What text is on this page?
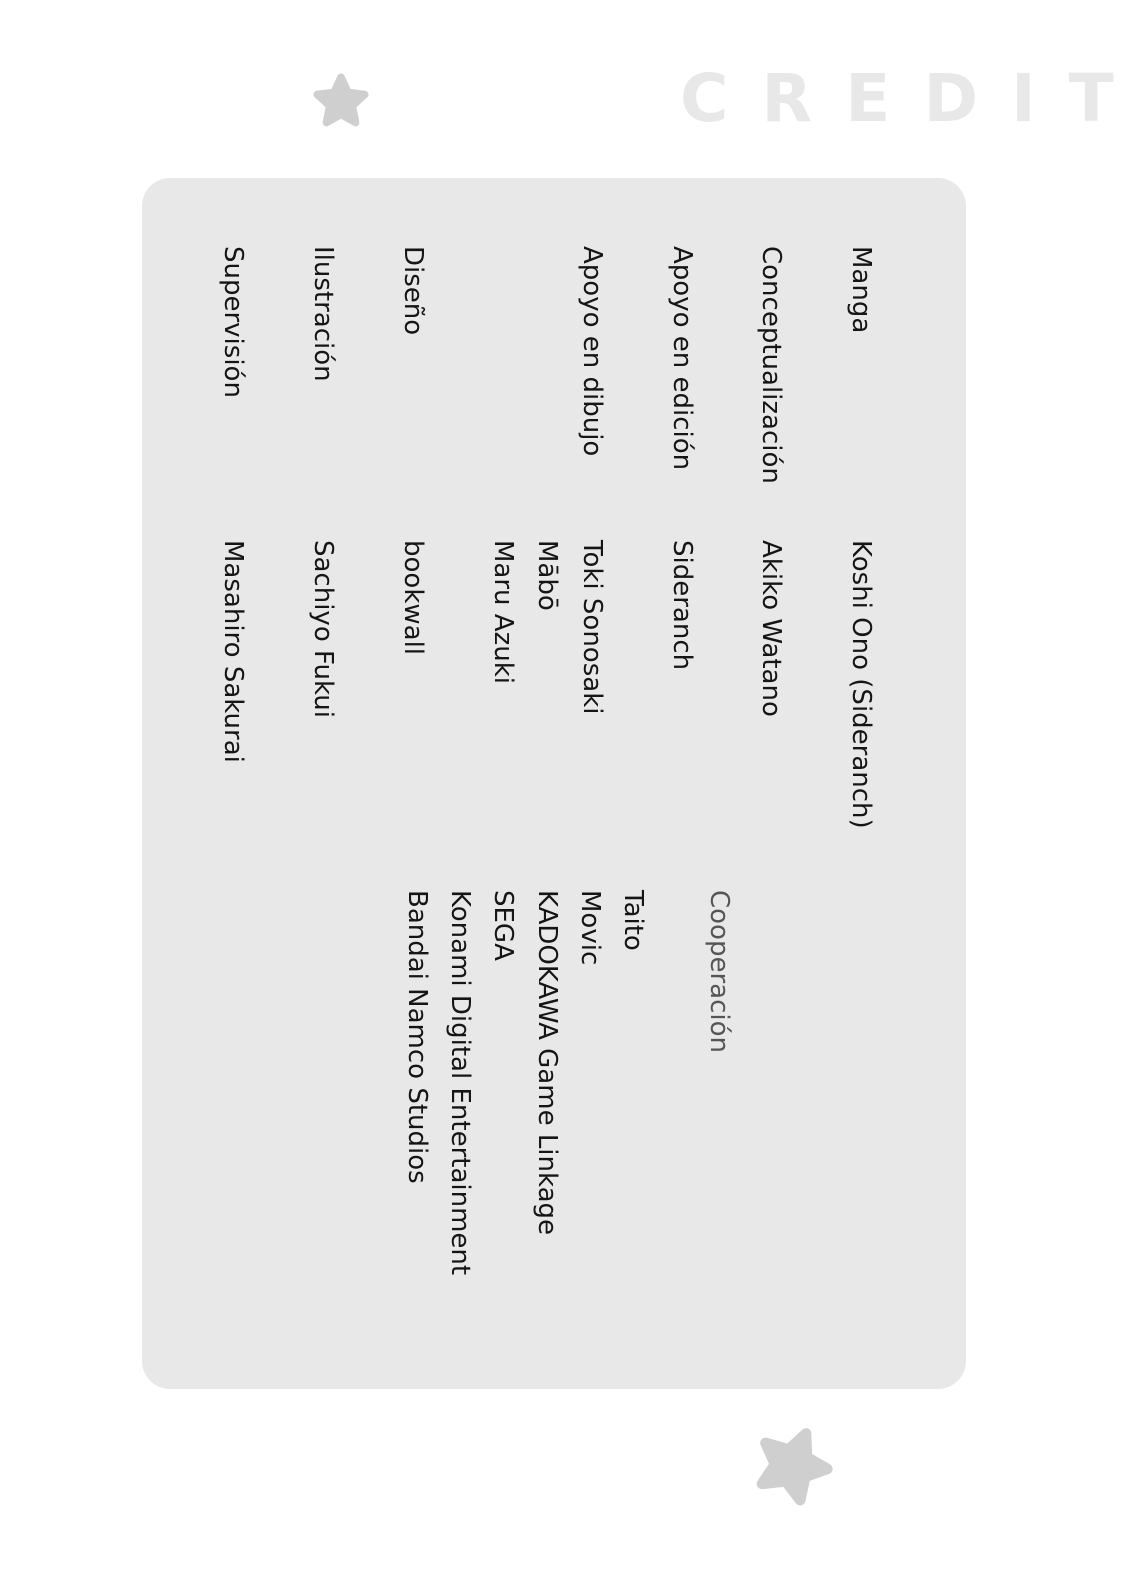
CREDIT
Manga
Conceptualización
Apoyo en edición
Apoyo en dibujo
Diseño
Ilustración
Supervisión
Koshi Ono (Sideranch)
Akiko Watano
Sideranch
Toki Sonosaki
Mābō
Maru Azuki
bookwall
Sachiyo Fukui
Masahiro Sakurai
Cooperación
Taito
Movic
KADOKAWA Game Linkage
SEGA
Konami Digital Entertainment
Bandai Namco Studios
